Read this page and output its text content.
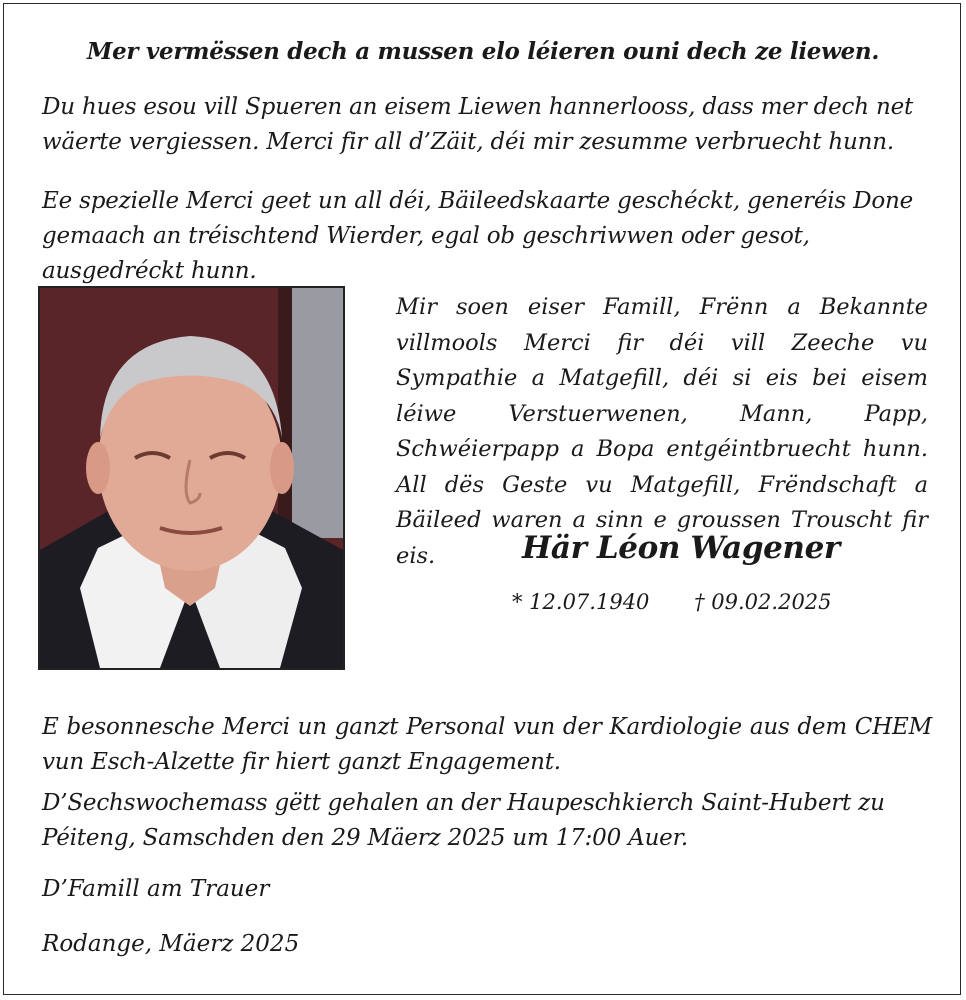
Mer vermëssen dech a mussen elo léieren ouni dech ze liewen.

Du hues esou vill Spueren an eisem Liewen hannerlooss, dass mer dech net wäerte vergiessen. Merci fir all d’Zäit, déi mir zesumme verbruecht hunn.

Ee spezielle Merci geet un all déi, Bäileedskaarte geschéckt, generéis Done gemaach an tréischtend Wierder, egal ob geschriwwen oder gesot, ausgedréckt hunn.

Mir soen eiser Famill, Frënn a Bekannte villmools Merci fir déi vill Zeeche vu Sympathie a Matgefill, déi si eis bei eisem léiwe Verstuerwenen, Mann, Papp, Schwéierpapp a Bopa entgéintbruecht hunn. All dës Geste vu Matgefill, Frëndschaft a Bäileed waren a sinn e groussen Trouscht fir eis.	Här Léon Wagener

* 12.07.1940 † 09.02.2025

E besonnesche Merci un ganzt Personal vun der Kardiologie aus dem CHEM vun Esch-Alzette fir hiert ganzt Engagement.

D’Sechswochemass gëtt gehalen an der Haupeschkierch Saint-Hubert zu Péiteng, Samschden den 29 Mäerz 2025 um 17:00 Auer.

D’Famill am Trauer

Rodange, Mäerz 2025
